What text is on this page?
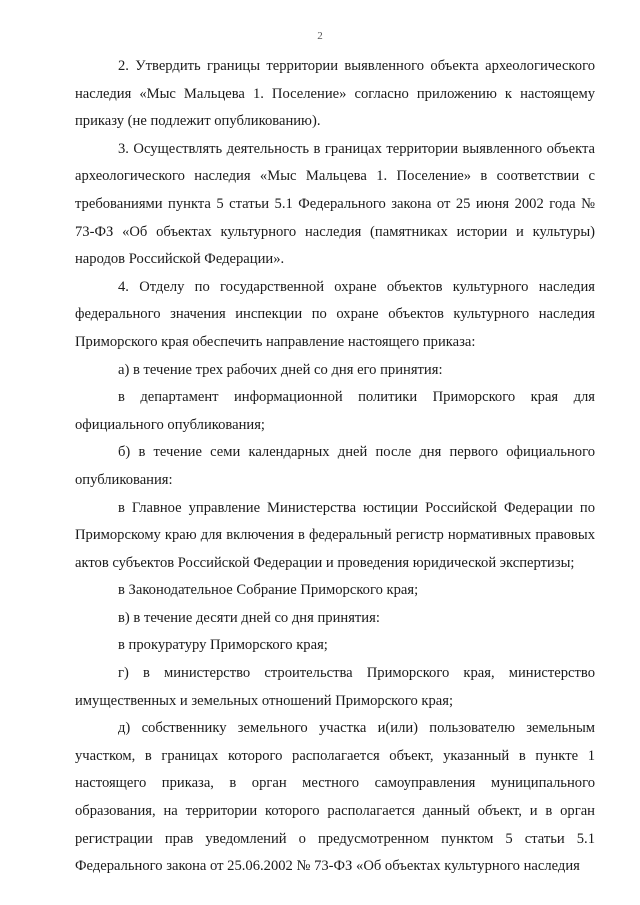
2

2. Утвердить границы территории выявленного объекта археологического наследия «Мыс Мальцева 1. Поселение» согласно приложению к настоящему приказу (не подлежит опубликованию).

3. Осуществлять деятельность в границах территории выявленного объекта археологического наследия «Мыс Мальцева 1. Поселение» в соответствии с требованиями пункта 5 статьи 5.1 Федерального закона от 25 июня 2002 года № 73-ФЗ «Об объектах культурного наследия (памятниках истории и культуры) народов Российской Федерации».

4. Отделу по государственной охране объектов культурного наследия федерального значения инспекции по охране объектов культурного наследия Приморского края обеспечить направление настоящего приказа:

а) в течение трех рабочих дней со дня его принятия:

в департамент информационной политики Приморского края для официального опубликования;

б) в течение семи календарных дней после дня первого официального опубликования:

в Главное управление Министерства юстиции Российской Федерации по Приморскому краю для включения в федеральный регистр нормативных правовых актов субъектов Российской Федерации и проведения юридической экспертизы;

в Законодательное Собрание Приморского края;

в) в течение десяти дней со дня принятия:

в прокуратуру Приморского края;

г) в министерство строительства Приморского края, министерство имущественных и земельных отношений Приморского края;

д) собственнику земельного участка и(или) пользователю земельным участком, в границах которого располагается объект, указанный в пункте 1 настоящего приказа, в орган местного самоуправления муниципального образования, на территории которого располагается данный объект, и в орган регистрации прав уведомлений о предусмотренном пунктом 5 статьи 5.1 Федерального закона от 25.06.2002 № 73-ФЗ «Об объектах культурного наследия
